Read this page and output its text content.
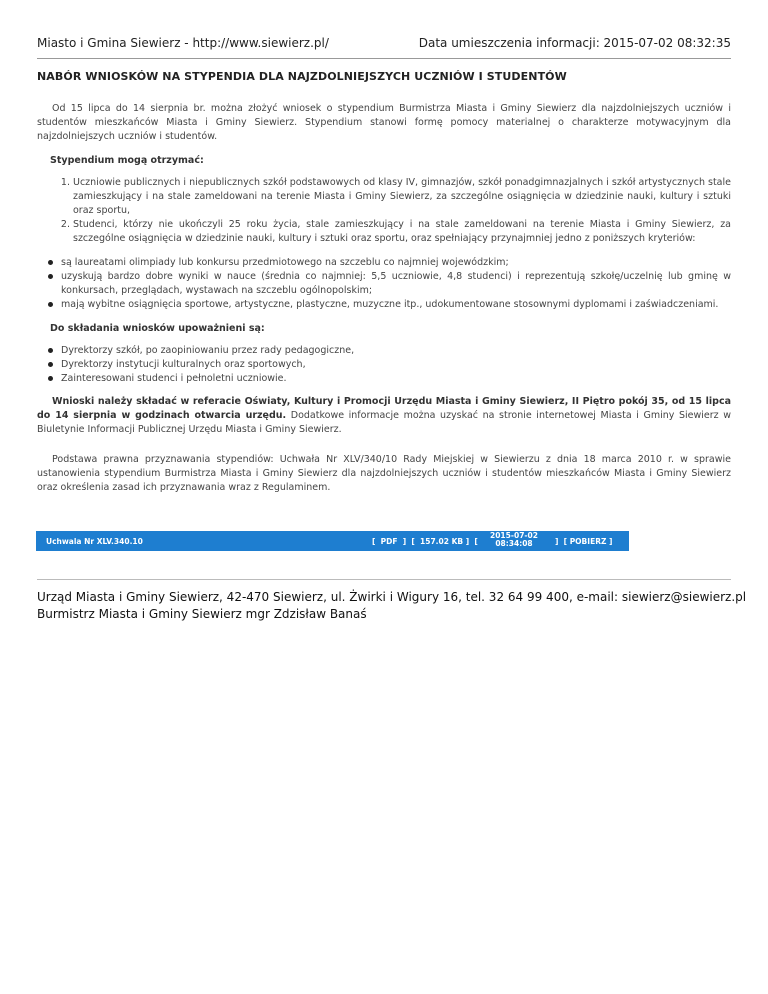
Miasto i Gmina Siewierz - http://www.siewierz.pl/	Data umieszczenia informacji: 2015-07-02 08:32:35
NABÓR WNIOSKÓW NA STYPENDIA DLA NAJZDOLNIEJSZYCH UCZNIÓW I STUDENTÓW

Od 15 lipca do 14 sierpnia br. można złożyć wniosek o stypendium Burmistrza Miasta i Gminy Siewierz dla najzdolniejszych uczniów i studentów mieszkańców Miasta i Gminy Siewierz. Stypendium stanowi formę pomocy materialnej o charakterze motywacyjnym dla najzdolniejszych uczniów i studentów.

Stypendium mogą otrzymać:

1. Uczniowie publicznych i niepublicznych szkół podstawowych od klasy IV, gimnazjów, szkół ponadgimnazjalnych i szkół artystycznych stale zamieszkujący i na stale zameldowani na terenie Miasta i Gminy Siewierz, za szczególne osiągnięcia w dziedzinie nauki, kultury i sztuki oraz sportu,
2. Studenci, którzy nie ukończyli 25 roku życia, stale zamieszkujący i na stale zameldowani na terenie Miasta i Gminy Siewierz, za szczególne osiągnięcia w dziedzinie nauki, kultury i sztuki oraz sportu, oraz spełniający przynajmniej jedno z poniższych kryteriów:
są laureatami olimpiady lub konkursu przedmiotowego na szczeblu co najmniej wojewódzkim;
uzyskują bardzo dobre wyniki w nauce (średnia co najmniej: 5,5 uczniowie, 4,8 studenci) i reprezentują szkołę/uczelnię lub gminę w konkursach, przeglądach, wystawach na szczeblu ogólnopolskim;
mają wybitne osiągnięcia sportowe, artystyczne, plastyczne, muzyczne itp., udokumentowane stosownymi dyplomami i zaświadczeniami.

Do składania wniosków upoważnieni są:

Dyrektorzy szkół, po zaopiniowaniu przez rady pedagogiczne,
Dyrektorzy instytucji kulturalnych oraz sportowych,
Zainteresowani studenci i pełnoletni uczniowie.

Wnioski należy składać w referacie Oświaty, Kultury i Promocji Urzędu Miasta i Gminy Siewierz, II Piętro pokój 35, od 15 lipca do 14 sierpnia w godzinach otwarcia urzędu. Dodatkowe informacje można uzyskać na stronie internetowej Miasta i Gminy Siewierz w Biuletynie Informacji Publicznej Urzędu Miasta i Gminy Siewierz.

Podstawa prawna przyznawania stypendiów: Uchwała Nr XLV/340/10 Rady Miejskiej w Siewierzu z dnia 18 marca 2010 r. w sprawie ustanowienia stypendium Burmistrza Miasta i Gminy Siewierz dla najzdolniejszych uczniów i studentów mieszkańców Miasta i Gminy Siewierz oraz określenia zasad ich przyznawania wraz z Regulaminem.

Uchwala Nr XLV.340.10	[  PDF  ]  [  157.02 KB ]  [
2015-07-02
08:34:08	]  [ POBIERZ ]
Urząd Miasta i Gminy Siewierz, 42-470 Siewierz, ul. Żwirki i Wigury 16, tel. 32 64 99 400, e-mail: siewierz@siewierz.pl
Burmistrz Miasta i Gminy Siewierz mgr Zdzisław Banaś
